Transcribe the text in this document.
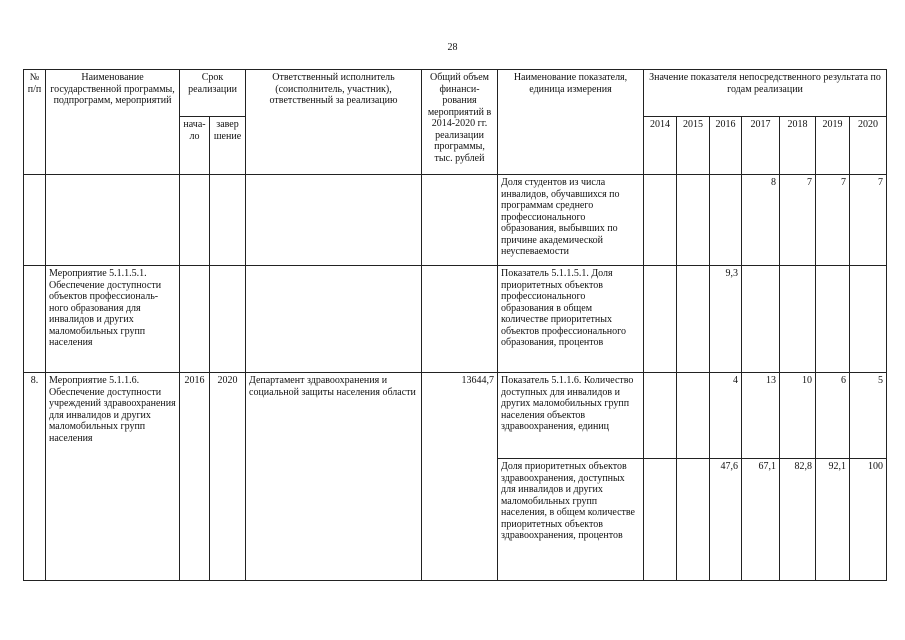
28
№ п/п	Наименование государственной программы, подпрограмм, мероприятий	Срок реализации		Ответственный исполнитель (соисполнитель, участник), ответственный за реализацию	Общий объем финанси-рования мероприятий в 2014-2020 гг. реализации программы, тыс. рублей	Наименование показателя, единица измерения	Значение показателя непосредственного результата по годам реализации						
		нача-ло	завер шение				2014	2015	2016	2017	2018	2019	2020
						Доля студентов из числа инвалидов, обучавшихся по программам среднего профессионального образования, выбывших по причине академической неуспеваемости				8	7	7	7
	Мероприятие 5.1.1.5.1. Обеспечение доступности объектов профессиональ-ного образования для инвалидов и других маломобильных групп населения					Показатель 5.1.1.5.1. Доля приоритетных объектов профессионального образования в общем количестве приоритетных объектов профессионального образования, процентов			9,3				
8.	Мероприятие 5.1.1.6. Обеспечение доступности учреждений здравоохранения для инвалидов и других маломобильных групп населения	2016	2020	Департамент здравоохранения и социальной защиты населения области	13644,7	Показатель 5.1.1.6. Количество доступных для инвалидов и других маломобильных групп населения объектов здравоохранения, единиц			4	13	10	6	5
						Доля приоритетных объектов здравоохранения, доступных для инвалидов и других маломобильных групп населения, в общем количестве приоритетных объектов здравоохранения, процентов			47,6	67,1	82,8	92,1	100
